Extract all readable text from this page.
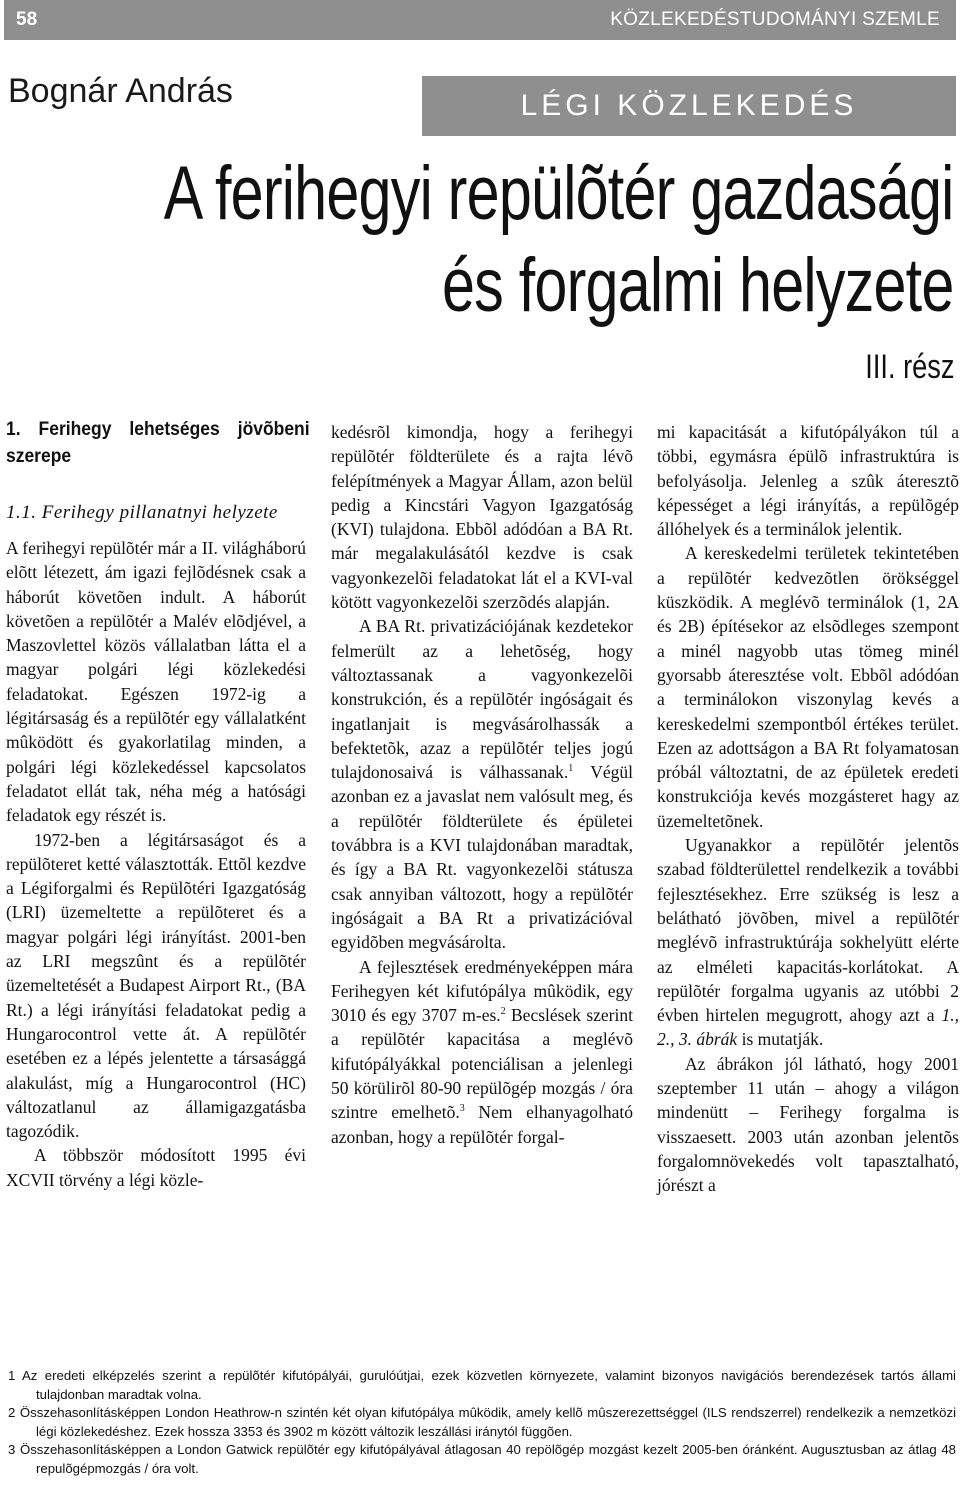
58	KÖZLEKEDÉSTUDOMÁNYI SZEMLE
Bognár András	LÉGI KÖZLEKEDÉS
A ferihegyi repülõtér gazdasági
és forgalmi helyzete
III. rész
1. Ferihegy lehetséges jövõbeni szerepe
1.1. Ferihegy pillanatnyi helyzete

A ferihegyi repülõtér már a II. világháború elõtt létezett, ám igazi fejlõdésnek csak a háborút követõen indult. A háborút követõen a repülõtér a Malév elõdjével, a Maszovlettel közös vállalatban látta el a magyar polgári légi közlekedési feladatokat. Egészen 1972-ig a légitársaság és a repülõtér egy vállalatként mûködött és gyakorlatilag minden, a polgári légi közlekedéssel kapcsolatos feladatot ellát tak, néha még a hatósági feladatok egy részét is.

1972-ben a légitársaságot és a repülõteret ketté választották. Ettõl kezdve a Légiforgalmi és Repülõtéri Igazgatóság (LRI) üzemeltette a repülõteret és a magyar polgári légi irányítást. 2001-ben az LRI megszûnt és a repülõtér üzemeltetését a Budapest Airport Rt., (BA Rt.) a légi irányítási feladatokat pedig a Hungarocontrol vette át. A repülõtér esetében ez a lépés jelentette a társasággá alakulást, míg a Hungarocontrol (HC) változatlanul az államigazgatásba tagozódik.

A többször módosított 1995 évi XCVII törvény a légi közle-

kedésrõl kimondja, hogy a ferihegyi repülõtér földterülete és a rajta lévõ felépítmények a Magyar Állam, azon belül pedig a Kincstári Vagyon Igazgatóság (KVI) tulajdona. Ebbõl adódóan a BA Rt. már megalakulásától kezdve is csak vagyonkezelõi feladatokat lát el a KVI-val kötött vagyonkezelõi szerzõdés alapján.

A BA Rt. privatizációjának kezdetekor felmerült az a lehetõség, hogy változtassanak a vagyonkezelõi konstrukción, és a repülõtér ingóságait és ingatlanjait is megvásárolhassák a befektetõk, azaz a repülõtér teljes jogú tulajdonosaivá is válhassanak.$^1$ Végül azonban ez a javaslat nem valósult meg, és a repülõtér földterülete és épületei továbbra is a KVI tulajdonában maradtak, és így a BA Rt. vagyonkezelõi státusza csak annyiban változott, hogy a repülõtér ingóságait a BA Rt a privatizációval egyidõben megvásárolta.

A fejlesztések eredményeképpen mára Ferihegyen két kifutópálya mûködik, egy 3010 és egy 3707 m-es.$^2$ Becslések szerint a repülõtér kapacitása a meglévõ kifutópályákkal potenciálisan a jelenlegi 50 körülirõl 80-90 repülõgép mozgás / óra szintre emelhetõ.$^3$ Nem elhanyagolható azonban, hogy a repülõtér forgal-

mi kapacitását a kifutópályákon túl a többi, egymásra épülõ infrastruktúra is befolyásolja. Jelenleg a szûk áteresztõ képességet a légi irányítás, a repülõgép állóhelyek és a terminálok jelentik.

A kereskedelmi területek tekintetében a repülõtér kedvezõtlen örökséggel küszködik. A meglévõ terminálok (1, 2A és 2B) építésekor az elsõdleges szempont a minél nagyobb utas tömeg minél gyorsabb áteresztése volt. Ebbõl adódóan a terminálokon viszonylag kevés a kereskedelmi szempontból értékes terület. Ezen az adottságon a BA Rt folyamatosan próbál változtatni, de az épületek eredeti konstrukciója kevés mozgásteret hagy az üzemeltetõnek.

Ugyanakkor a repülõtér jelentõs szabad földterülettel rendelkezik a további fejlesztésekhez. Erre szükség is lesz a belátható jövõben, mivel a repülõtér meglévõ infrastruktúrája sokhelyütt elérte az elméleti kapacitás-korlátokat. A repülõtér forgalma ugyanis az utóbbi 2 évben hirtelen megugrott, ahogy azt a 1., 2., 3. ábrák is mutatják.

Az ábrákon jól látható, hogy 2001 szeptember 11 után – ahogy a világon mindenütt – Ferihegy forgalma is visszaesett. 2003 után azonban jelentõs forgalomnövekedés volt tapasztalható, jórészt a

1 Az eredeti elképzelés szerint a repülõtér kifutópályái, gurulóútjai, ezek közvetlen környezete, valamint bizonyos navigációs berendezések tartós állami tulajdonban maradtak volna.

2 Összehasonlításképpen London Heathrow-n szintén két olyan kifutópálya mûködik, amely kellõ mûszerezettséggel (ILS rendszerrel) rendelkezik a nemzetközi légi közlekedéshez. Ezek hossza 3353 és 3902 m között változik leszállási iránytól függõen.

3 Összehasonlításképpen a London Gatwick repülõtér egy kifutópályával átlagosan 40 repölõgép mozgást kezelt 2005-ben óránként. Augusztusban az átlag 48 repulõgépmozgás / óra volt.
